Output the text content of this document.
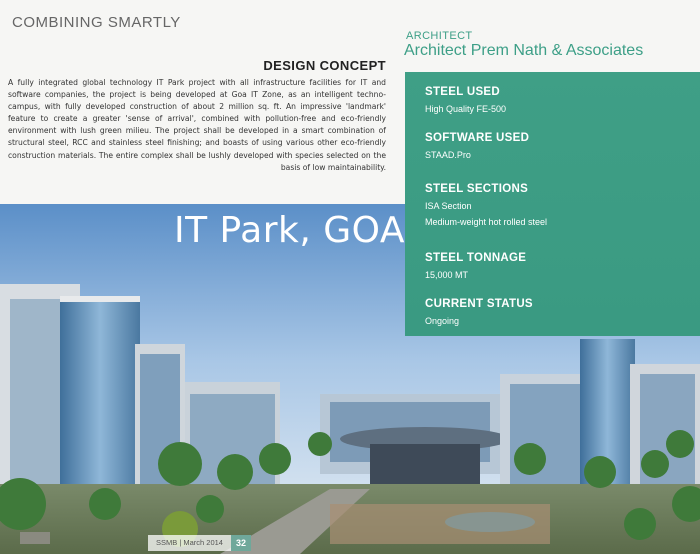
COMBINING SMARTLY
ARCHITECT
Architect Prem Nath & Associates
DESIGN CONCEPT
A fully integrated global technology IT Park project with all infrastructure facilities for IT and software companies, the project is being developed at Goa IT Zone, as an intelligent techno-campus, with fully developed construction of about 2 million sq. ft. An impressive 'landmark' feature to create a greater 'sense of arrival', combined with pollution-free and eco-friendly environment with lush green milieu. The project shall be developed in a smart combination of structural steel, RCC and stainless steel finishing; and boasts of using various other eco-friendly construction materials. The entire complex shall be lushly developed with species selected on the basis of low maintainability.
IT Park, GOA
STEEL USED
High Quality FE-500
SOFTWARE USED
STAAD.Pro
STEEL SECTIONS
ISA Section
Medium-weight hot rolled steel
STEEL TONNAGE
15,000 MT
CURRENT STATUS
Ongoing
SSMB | March 2014	32
